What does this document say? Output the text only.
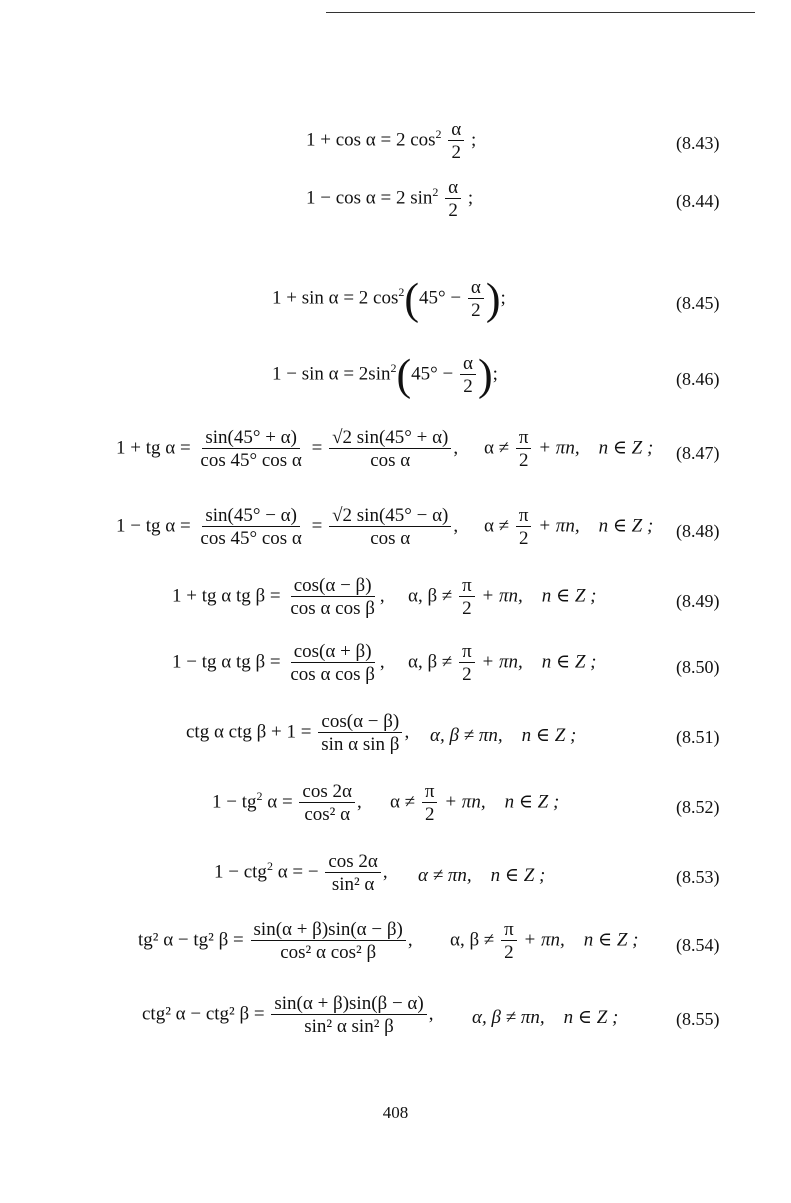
1 + cos α = 2 $\cos^2 \frac{\alpha}{2}$ ;	(8.43)
1 − cos α = 2 $\sin^2 \frac{\alpha}{2}$ ;	(8.44)
1 + sin α = 2 $\cos^2(45^\circ - \frac{\alpha}{2}$ );	(8.45)
$1 - \sin \alpha = 2\sin^2(45^\circ - \frac{\alpha}{2}$ );	(8.46)
1 + tg $\alpha = \frac{\sin(45^\circ + \alpha)}{\text{cos 45° cos α}} = \frac{√2 \sin(45^\circ + \alpha)}{\text{cos α}}$ , $\alpha \ne \frac{\pi}{2} + \pi n$, n ∈ Z ; (8.47)
1 − tg $\alpha = \frac{\sin(45^\circ - \alpha)}{\text{cos 45° cos α}} = \frac{√2 \sin(45^\circ - \alpha)}{\text{cos α}}$ , $\alpha \ne \frac{\pi}{2} + \pi n$, n ∈ Z ; (8.48)
1 + tg α tg $\beta = \frac{\cos(\alpha - \beta)}{\text{cos α cos β}}$ , α, $\beta \ne \frac{\pi}{2} + \pi n$, n ∈ Z ;	(8.49)
1 − tg α tg $\beta = \frac{\cos(\alpha + \beta)}{\text{cos α cos β}}$ , α, $\beta \ne \frac{\pi}{2} + \pi n$, n ∈ Z ;	(8.50)
ctg α ctg $\beta + 1 = \frac{\cos(\alpha - \beta)}{\text{sin α sin β}}$ , α, β ≠ πn, n ∈ Z ;	(8.51)
$1 - tg^2$ $\alpha = \frac{\cos 2\alpha}{\text{cos² α}}$ , $\alpha \ne \frac{\pi}{2} + \pi n$, n ∈ Z ;	(8.52)
1 − ctg$^2$ α = − $\frac{\cos 2\alpha}{\text{sin² α}}$ , α ≠ πn, n ∈ Z ;	(8.53)
tg² α − tg² $\beta = \frac{\sin(\alpha + \beta)\sin(\alpha - \beta)}{\text{cos² α cos² β}}$ , α, $\beta \ne \frac{\pi}{2} + \pi n$, n ∈ Z ; (8.54)
ctg² α − ctg² $\beta = \frac{\sin(\alpha + \beta)\sin(\beta - \alpha)}{\text{sin² α sin² β}}$ , α, β ≠ πn, n ∈ Z ;	(8.55)
408
